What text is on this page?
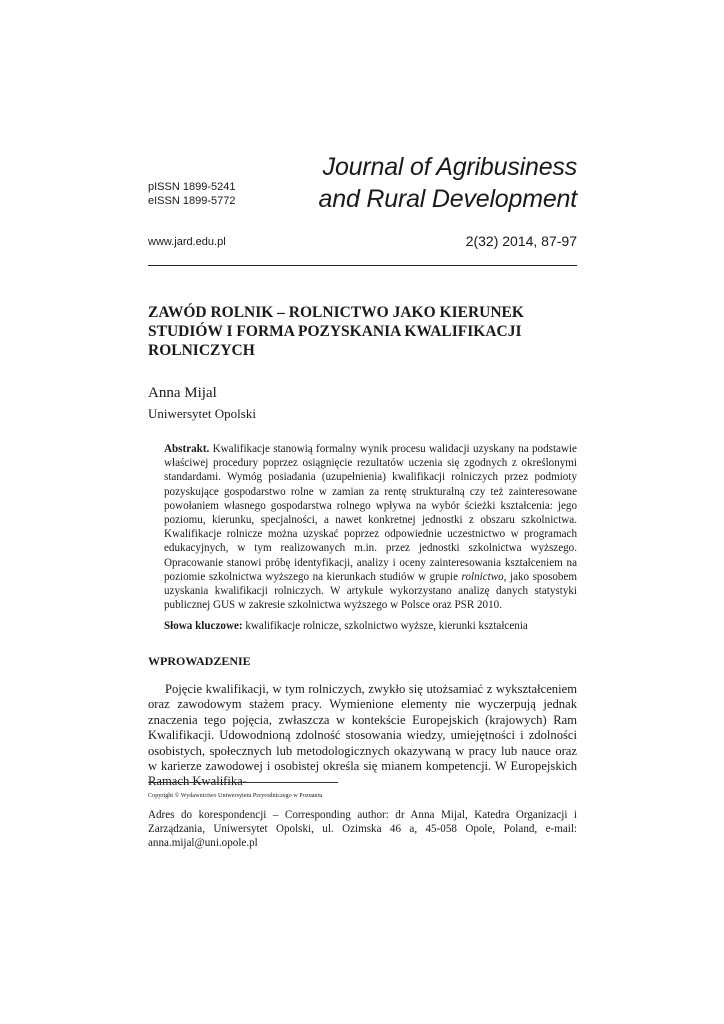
pISSN 1899-5241
eISSN 1899-5772
Journal of Agribusiness
and Rural Development
www.jard.edu.pl	2(32) 2014, 87-97
ZAWÓD ROLNIK – ROLNICTWO JAKO KIERUNEK
STUDIÓW I FORMA POZYSKANIA KWALIFIKACJI
ROLNICZYCH
Anna Mijal
Uniwersytet Opolski

Abstrakt. Kwalifikacje stanowią formalny wynik procesu walidacji uzyskany na podstawie właściwej procedury poprzez osiągnięcie rezultatów uczenia się zgodnych z określonymi standardami. Wymóg posiadania (uzupełnienia) kwalifikacji rolniczych przez podmioty pozyskujące gospodarstwo rolne w zamian za rentę strukturalną czy też zainteresowane powołaniem własnego gospodarstwa rolnego wpływa na wybór ścieżki kształcenia: jego poziomu, kierunku, specjalności, a nawet konkretnej jednostki z obszaru szkolnictwa. Kwalifikacje rolnicze można uzyskać poprzez odpowiednie uczestnictwo w programach edukacyjnych, w tym realizowanych m.in. przez jednostki szkolnictwa wyższego. Opracowanie stanowi próbę identyfikacji, analizy i oceny zainteresowania kształceniem na poziomie szkolnictwa wyższego na kierunkach studiów w grupie rolnictwo, jako sposobem uzyskania kwalifikacji rolniczych. W artykule wykorzystano analizę danych statystyki publicznej GUS w zakresie szkolnictwa wyższego w Polsce oraz PSR 2010.

Słowa kluczowe: kwalifikacje rolnicze, szkolnictwo wyższe, kierunki kształcenia

WPROWADZENIE

Pojęcie kwalifikacji, w tym rolniczych, zwykło się utożsamiać z wykształceniem oraz zawodowym stażem pracy. Wymienione elementy nie wyczerpują jednak znaczenia tego pojęcia, zwłaszcza w kontekście Europejskich (krajowych) Ram Kwalifikacji. Udowodnioną zdolność stosowania wiedzy, umiejętności i zdolności osobistych, społecznych lub metodologicznych okazywaną w pracy lub nauce oraz w karierze zawodowej i osobistej określa się mianem kompetencji. W Europejskich Ramach Kwalifika-

Copyright © Wydawnictwo Uniwersytetu Przyrodniczego w Poznaniu

Adres do korespondencji – Corresponding author: dr Anna Mijal, Katedra Organizacji i Zarządzania, Uniwersytet Opolski, ul. Ozimska 46 a, 45-058 Opole, Poland, e-mail: anna.mijal@uni.opole.pl
